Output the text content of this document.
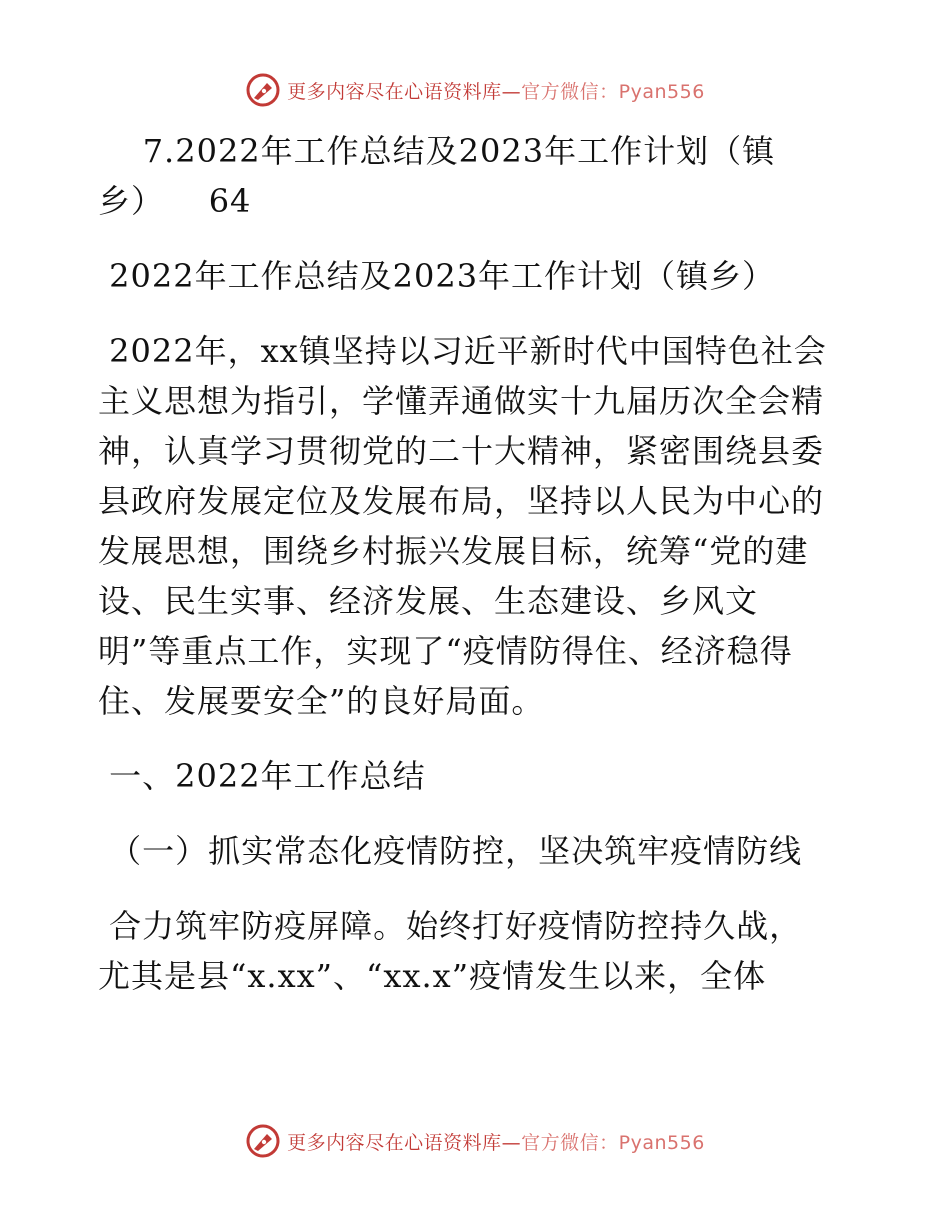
更多内容尽在心语资料库—官方微信：Pyan556

7.2022年工作总结及2023年工作计划（镇

乡）    64

2022年工作总结及2023年工作计划（镇乡）

2022年，xx镇坚持以习近平新时代中国特色社会

主义思想为指引，学懂弄通做实十九届历次全会精

神，认真学习贯彻党的二十大精神，紧密围绕县委

县政府发展定位及发展布局，坚持以人民为中心的

发展思想，围绕乡村振兴发展目标，统筹“党的建

设、民生实事、经济发展、生态建设、乡风文

明”等重点工作，实现了“疫情防得住、经济稳得

住、发展要安全”的良好局面。

一、2022年工作总结

（一）抓实常态化疫情防控，坚决筑牢疫情防线

合力筑牢防疫屏障。始终打好疫情防控持久战，

尤其是县“x.xx”、“xx.x”疫情发生以来，全体

更多内容尽在心语资料库—官方微信：Pyan556
